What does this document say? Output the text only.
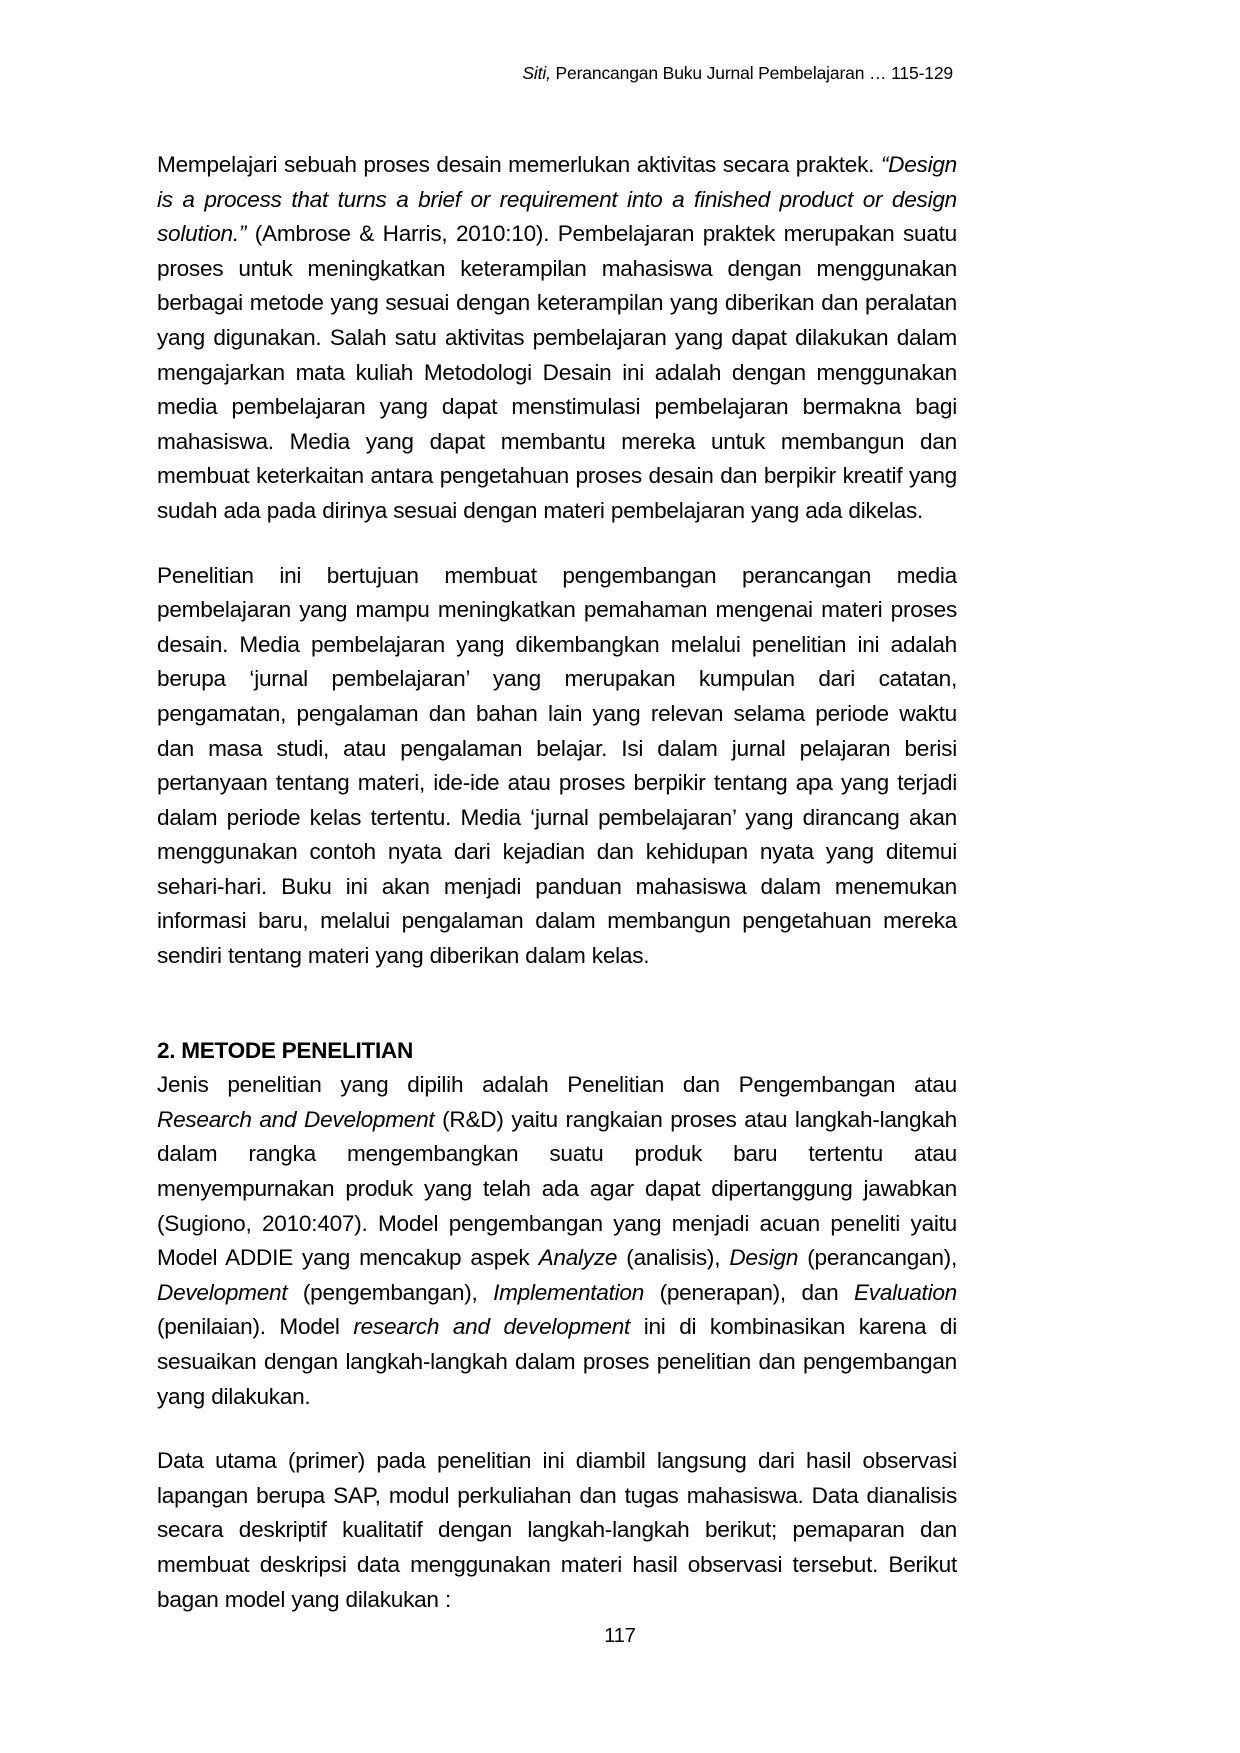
Siti, Perancangan Buku Jurnal Pembelajaran … 115-129

Mempelajari sebuah proses desain memerlukan aktivitas secara praktek. “Design is a process that turns a brief or requirement into a finished product or design solution.” (Ambrose & Harris, 2010:10). Pembelajaran praktek merupakan suatu proses untuk meningkatkan keterampilan mahasiswa dengan menggunakan berbagai metode yang sesuai dengan keterampilan yang diberikan dan peralatan yang digunakan. Salah satu aktivitas pembelajaran yang dapat dilakukan dalam mengajarkan mata kuliah Metodologi Desain ini adalah dengan menggunakan media pembelajaran yang dapat menstimulasi pembelajaran bermakna bagi mahasiswa. Media yang dapat membantu mereka untuk membangun dan membuat keterkaitan antara pengetahuan proses desain dan berpikir kreatif yang sudah ada pada dirinya sesuai dengan materi pembelajaran yang ada dikelas.

Penelitian ini bertujuan membuat pengembangan perancangan media pembelajaran yang mampu meningkatkan pemahaman mengenai materi proses desain. Media pembelajaran yang dikembangkan melalui penelitian ini adalah berupa ‘jurnal pembelajaran’ yang merupakan kumpulan dari catatan, pengamatan, pengalaman dan bahan lain yang relevan selama periode waktu dan masa studi, atau pengalaman belajar. Isi dalam jurnal pelajaran berisi pertanyaan tentang materi, ide-ide atau proses berpikir tentang apa yang terjadi dalam periode kelas tertentu. Media ‘jurnal pembelajaran’ yang dirancang akan menggunakan contoh nyata dari kejadian dan kehidupan nyata yang ditemui sehari-hari. Buku ini akan menjadi panduan mahasiswa dalam menemukan informasi baru, melalui pengalaman dalam membangun pengetahuan mereka sendiri tentang materi yang diberikan dalam kelas.

2. METODE PENELITIAN

Jenis penelitian yang dipilih adalah Penelitian dan Pengembangan atau Research and Development (R&D) yaitu rangkaian proses atau langkah-langkah dalam rangka mengembangkan suatu produk baru tertentu atau menyempurnakan produk yang telah ada agar dapat dipertanggung jawabkan (Sugiono, 2010:407). Model pengembangan yang menjadi acuan peneliti yaitu Model ADDIE yang mencakup aspek Analyze (analisis), Design (perancangan), Development (pengembangan), Implementation (penerapan), dan Evaluation (penilaian). Model research and development ini di kombinasikan karena di sesuaikan dengan langkah-langkah dalam proses penelitian dan pengembangan yang dilakukan.

Data utama (primer) pada penelitian ini diambil langsung dari hasil observasi lapangan berupa SAP, modul perkuliahan dan tugas mahasiswa. Data dianalisis secara deskriptif kualitatif dengan langkah-langkah berikut; pemaparan dan membuat deskripsi data menggunakan materi hasil observasi tersebut. Berikut bagan model yang dilakukan :

117
